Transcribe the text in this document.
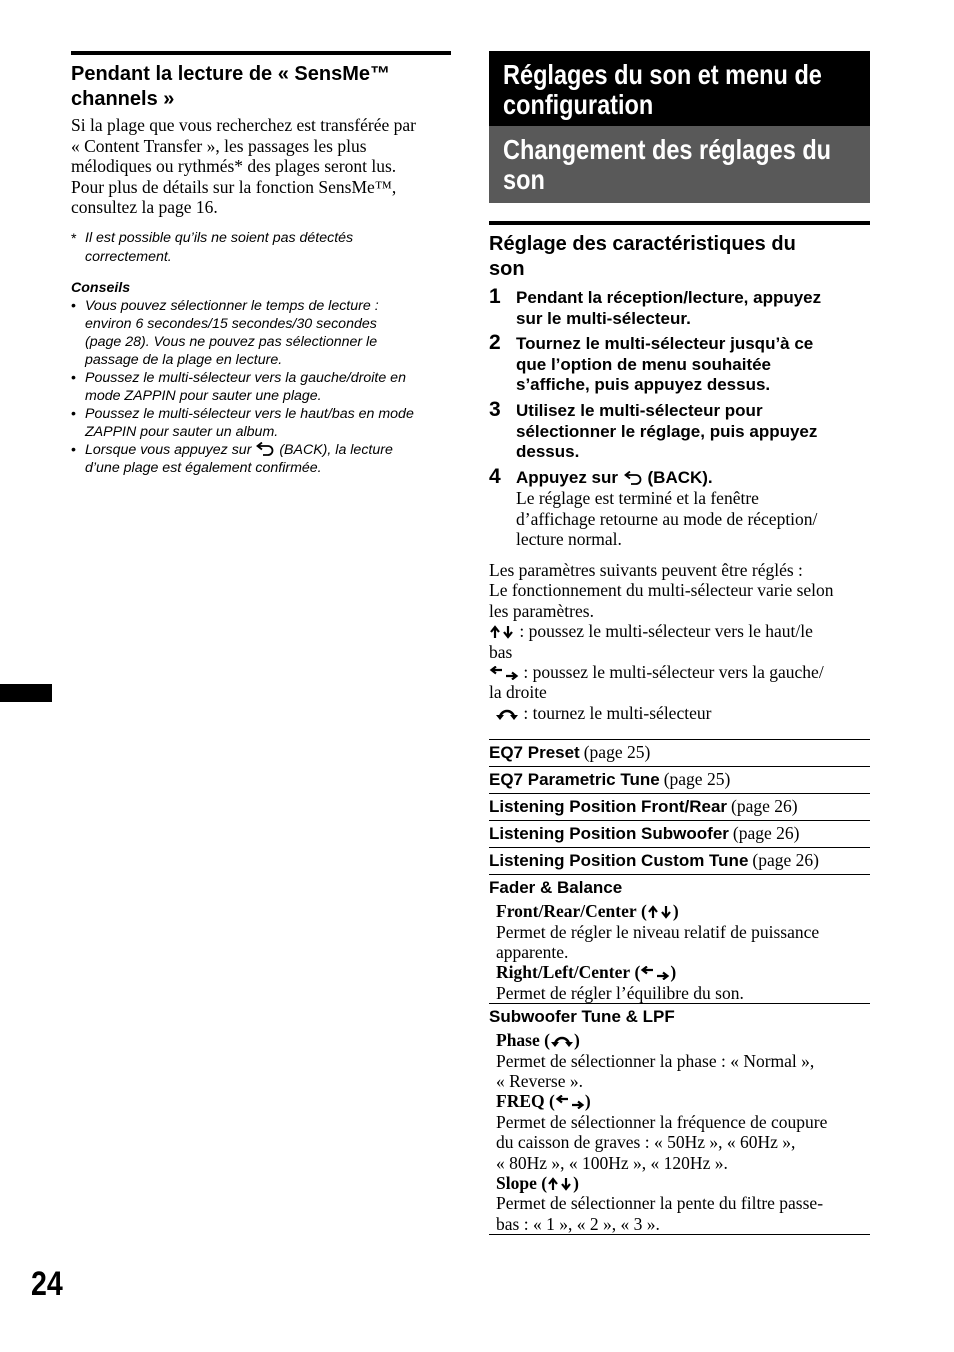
Pendant la lecture de « SensMe™ channels »
Si la plage que vous recherchez est transférée par
« Content Transfer », les passages les plus
mélodiques ou rythmés* des plages seront lus.
Pour plus de détails sur la fonction SensMe™,
consultez la page 16.
* Il est possible qu’ils ne soient pas détectés
correctement.
Conseils
• Vous pouvez sélectionner le temps de lecture :
environ 6 secondes/15 secondes/30 secondes
(page 28). Vous ne pouvez pas sélectionner le
passage de la plage en lecture.
• Poussez le multi-sélecteur vers la gauche/droite en
mode ZAPPIN pour sauter une plage.
• Poussez le multi-sélecteur vers le haut/bas en mode
ZAPPIN pour sauter un album.
• Lorsque vous appuyez sur (BACK), la lecture
d’une plage est également confirmée.
Réglages du son et menu de
configuration
Changement des réglages du
son
Réglage des caractéristiques du
son
1 Pendant la réception/lecture, appuyez
sur le multi-sélecteur.
2 Tournez le multi-sélecteur jusqu’à ce
que l’option de menu souhaitée
s’affiche, puis appuyez dessus.
3 Utilisez le multi-sélecteur pour
sélectionner le réglage, puis appuyez
dessus.
4 Appuyez sur (BACK).
Le réglage est terminé et la fenêtre
d’affichage retourne au mode de réception/
lecture normal.
Les paramètres suivants peuvent être réglés :
Le fonctionnement du multi-sélecteur varie selon
les paramètres.
: poussez le multi-sélecteur vers le haut/le
bas
: poussez le multi-sélecteur vers la gauche/
la droite
: tournez le multi-sélecteur
EQ7 Preset (page 25)
EQ7 Parametric Tune (page 25)
Listening Position Front/Rear (page 26)
Listening Position Subwoofer (page 26)
Listening Position Custom Tune (page 26)

Fader & Balance
Front/Rear/Center ( )
Permet de régler le niveau relatif de puissance
apparente.
Right/Left/Center ( )
Permet de régler l’équilibre du son.

Subwoofer Tune & LPF
Phase ( )
Permet de sélectionner la phase : « Normal »,
« Reverse ».
FREQ ( )
Permet de sélectionner la fréquence de coupure
du caisson de graves : « 50Hz », « 60Hz »,
« 80Hz », « 100Hz », « 120Hz ».
Slope ( )
Permet de sélectionner la pente du filtre passe-
bas : « 1 », « 2 », « 3 ».
24
